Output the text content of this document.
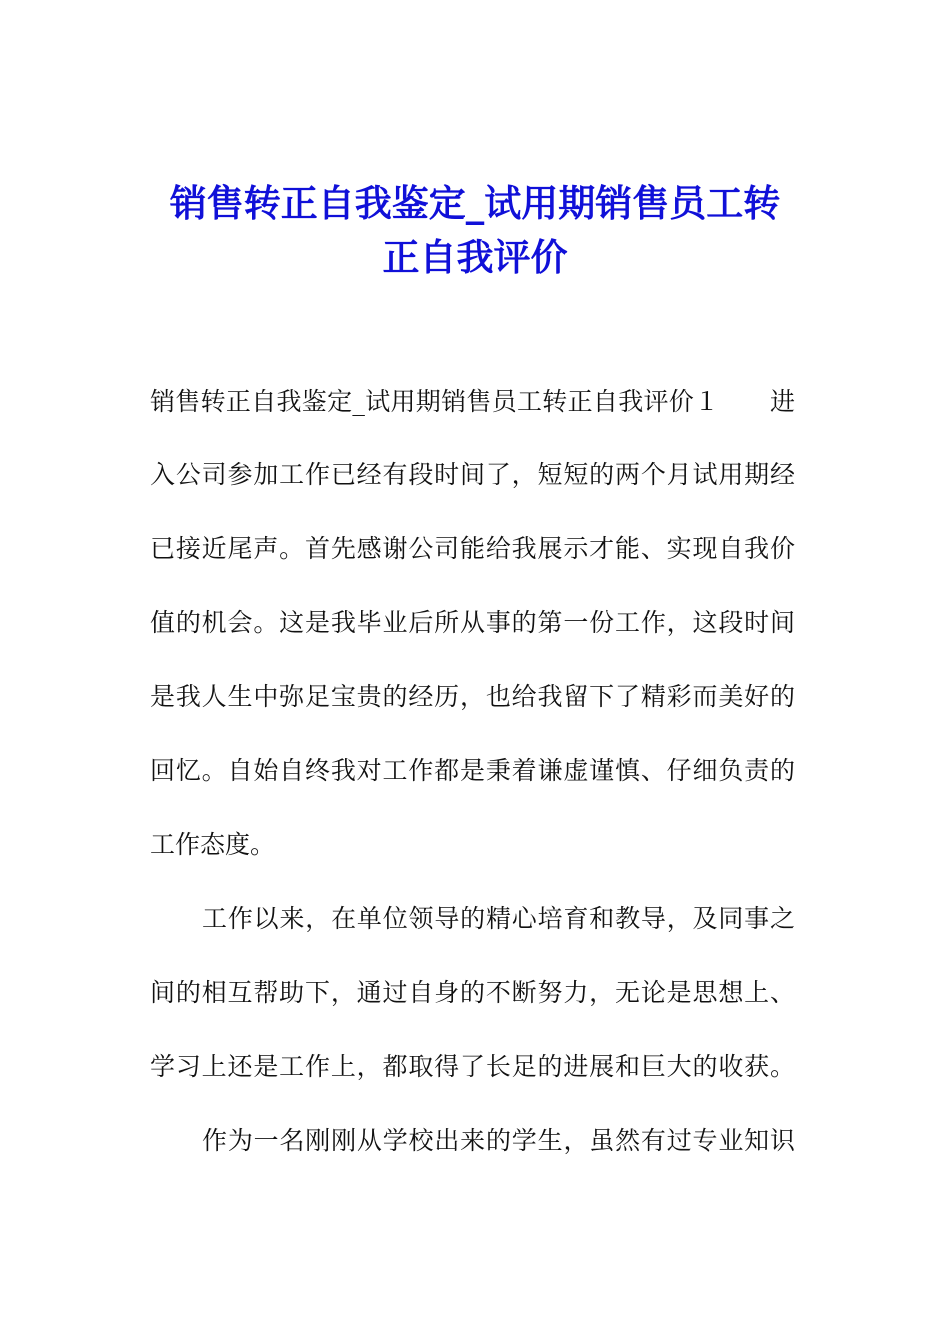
销售转正自我鉴定_试用期销售员工转
正自我评价
销售转正自我鉴定_试用期销售员工转正自我评价１　　进
入公司参加工作已经有段时间了，短短的两个月试用期经
已接近尾声。首先感谢公司能给我展示才能、实现自我价
值的机会。这是我毕业后所从事的第一份工作，这段时间
是我人生中弥足宝贵的经历，也给我留下了精彩而美好的
回忆。自始自终我对工作都是秉着谦虚谨慎、仔细负责的
工作态度。
工作以来，在单位领导的精心培育和教导，及同事之
间的相互帮助下，通过自身的不断努力，无论是思想上、
学习上还是工作上，都取得了长足的进展和巨大的收获。
作为一名刚刚从学校出来的学生，虽然有过专业知识
